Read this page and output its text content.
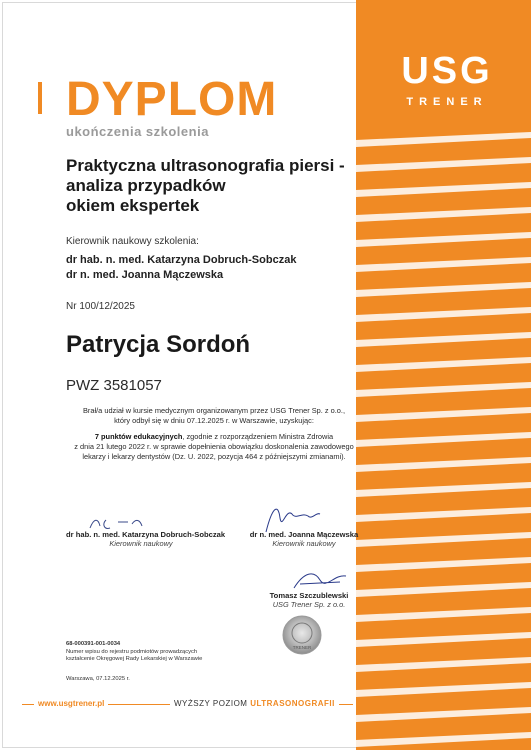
USG
TRENER
DYPLOM
ukończenia szkolenia
Praktyczna ultrasonografia piersi -
analiza przypadków
okiem ekspertek
Kierownik naukowy szkolenia:
dr hab. n. med. Katarzyna Dobruch-Sobczak
dr n. med. Joanna Mączewska
Nr 100/12/2025
Patrycja Sordoń
PWZ 3581057
Brał/a udział w kursie medycznym organizowanym przez USG Trener Sp. z o.o.,
który odbył się w dniu 07.12.2025 r. w Warszawie, uzyskując:
7 punktów edukacyjnych, zgodnie z rozporządzeniem Ministra Zdrowia
z dnia 21 lutego 2022 r. w sprawie dopełnienia obowiązku doskonalenia zawodowego
lekarzy i lekarzy dentystów (Dz. U. 2022, pozycja 464 z późniejszymi zmianami).
dr hab. n. med. Katarzyna Dobruch-Sobczak
Kierownik naukowy
dr n. med. Joanna Mączewska
Kierownik naukowy
Tomasz Szczublewski
USG Trener Sp. z o.o.
TRENER
68-000391-001-0034
Numer wpisu do rejestru podmiotów prowadzących
kształcenie Okręgowej Rady Lekarskiej w Warszawie
Warszawa, 07.12.2025 r.
www.usgtrener.pl	WYŻSZY POZIOM ULTRASONOGRAFII
